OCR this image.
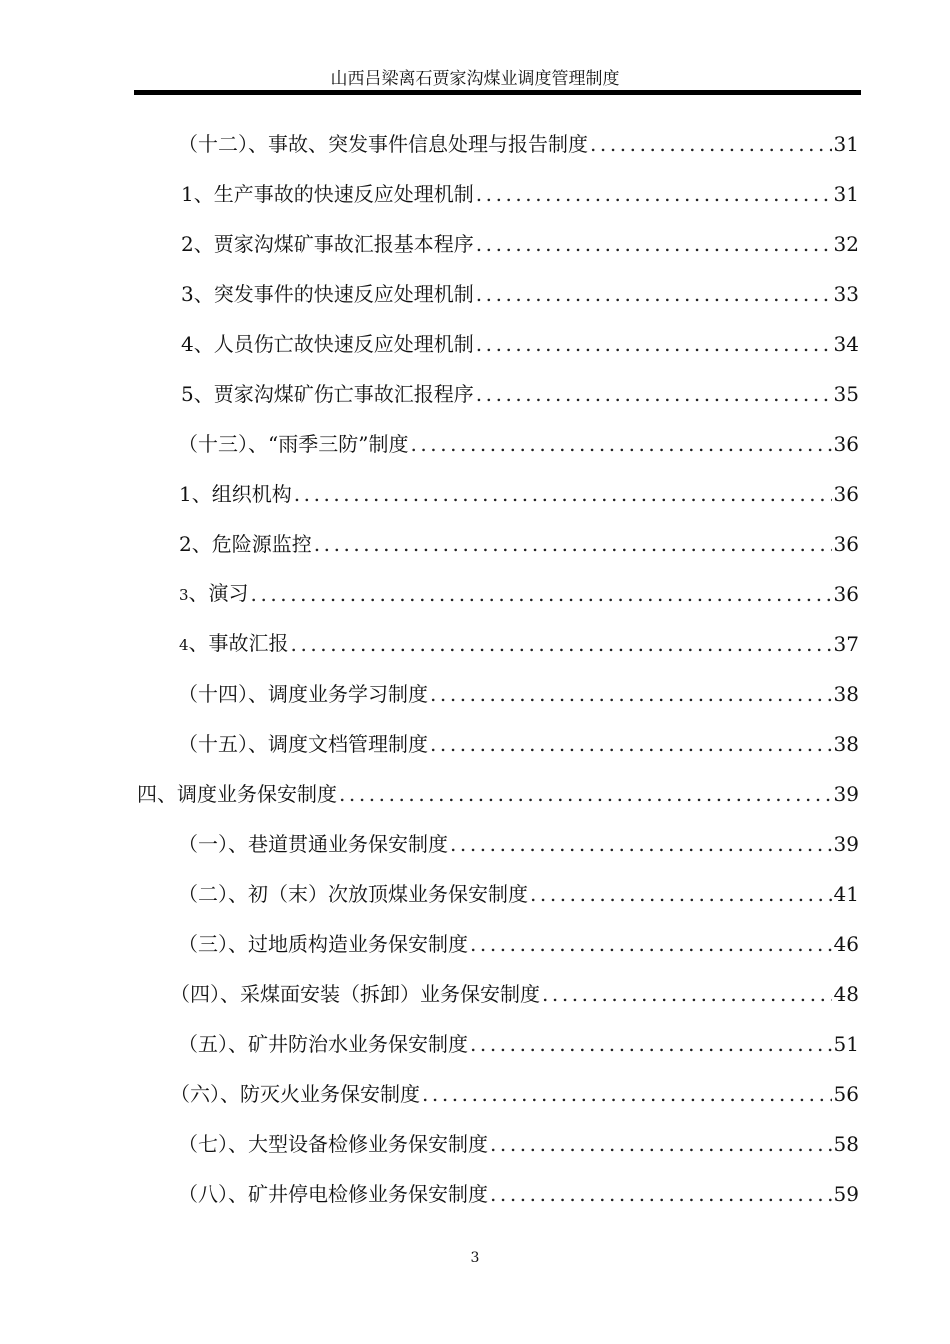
山西吕梁离石贾家沟煤业调度管理制度
（十二）、事故、突发事件信息处理与报告制度 . . .	31
1、生产事故的快速反应处理机制 . . .	31
2、贾家沟煤矿事故汇报基本程序 . . .	32
3、突发事件的快速反应处理机制 . . .	33
4、人员伤亡故快速反应处理机制 . . .	34
5、贾家沟煤矿伤亡事故汇报程序 . . .	35
（十三）、“雨季三防”制度 . . .	36
1、组织机构 . . .	36
2、危险源监控 . . .	36
3、演习 . . .	36
4、事故汇报 . . .	37
（十四）、调度业务学习制度 . . .	38
（十五）、调度文档管理制度 . . .	38
四、调度业务保安制度 . . .	39
（一）、巷道贯通业务保安制度 . . .	39
（二）、初（末）次放顶煤业务保安制度 . . .	41
（三）、过地质构造业务保安制度 . . .	46
（四）、采煤面安装（拆卸）业务保安制度 . . .	48
（五）、矿井防治水业务保安制度 . . .	51
（六）、防灭火业务保安制度 . . .	56
（七）、大型设备检修业务保安制度 . . .	58
（八）、矿井停电检修业务保安制度 . . .	59
3
